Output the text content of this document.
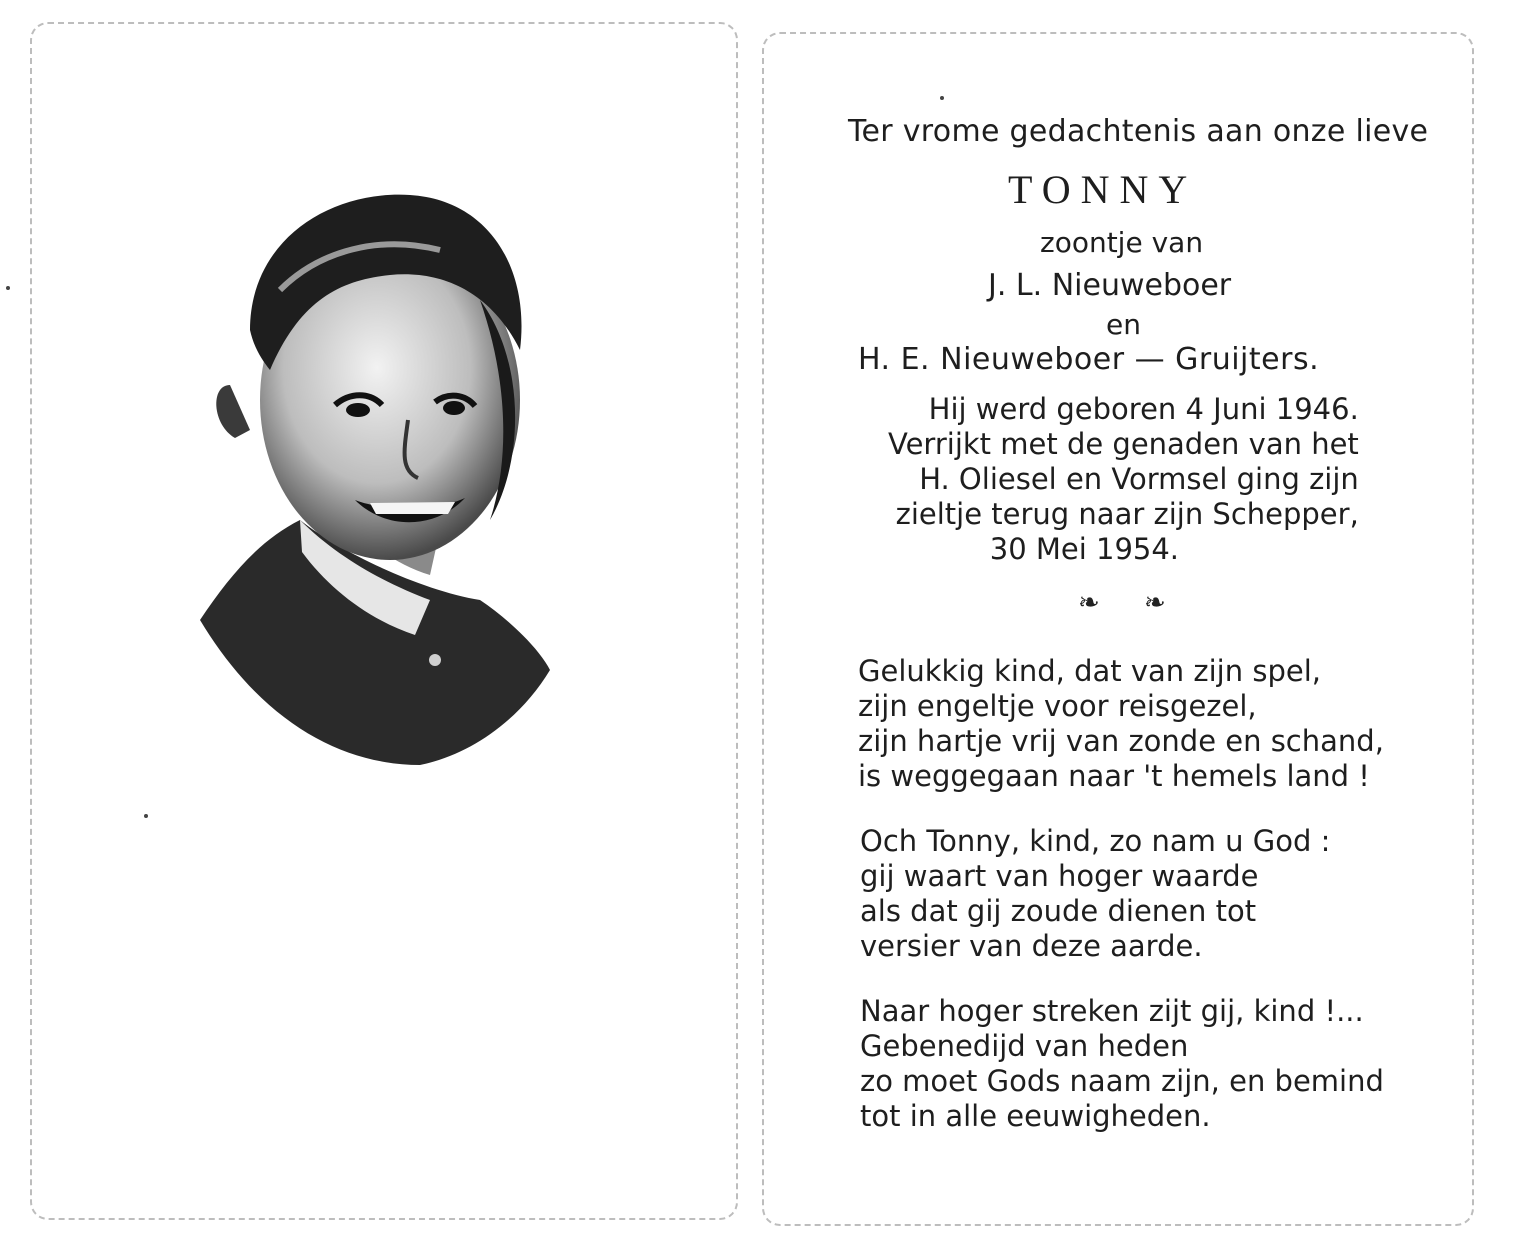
Ter vrome gedachtenis aan onze lieve
TONNY
zoontje van
J. L. Nieuweboer
en
H. E. Nieuweboer — Gruijters.
Hij werd geboren 4 Juni 1946.
Verrijkt met de genaden van het
H. Oliesel en Vormsel ging zijn
zieltje terug naar zijn Schepper,
30 Mei 1954.
❧ ❧
Gelukkig kind, dat van zijn spel,
zijn engeltje voor reisgezel,
zijn hartje vrij van zonde en schand,
is weggegaan naar 't hemels land !
Och Tonny, kind, zo nam u God :
gij waart van hoger waarde
als dat gij zoude dienen tot
versier van deze aarde.
Naar hoger streken zijt gij, kind !...
Gebenedijd van heden
zo moet Gods naam zijn, en bemind
tot in alle eeuwigheden.
